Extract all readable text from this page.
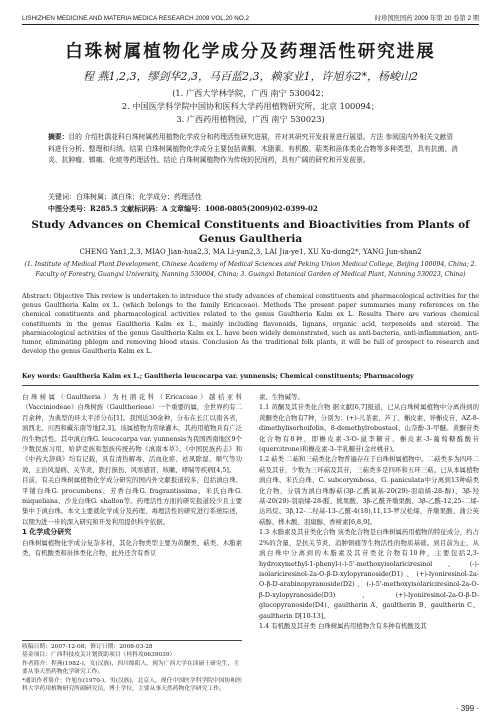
LISHIZHEN MEDICINE AND MATERIA MEDICA RESEARCH 2009 VOL.20 NO.2	时珍国医国药 2009 年第 20 卷第 2 期
白珠树属植物化学成分及药理活性研究进展
程 燕1,2,3，缪剑华2,3，马百蓝2,3，赖家业1，许旭东2*，杨峻山2
(1. 广西大学林学院，广西 南宁 530042；
2. 中国医学科学院中国协和医科大学药用植物研究所，北京 100094；
3. 广西药用植物园，广西 南宁 530023)
摘要：目的 介绍杜鹃花科白珠树属药用植物化学成分和药理活性研究进展，并对其研究开发前景进行展望。方法 参阅国内外相关文献资料进行分析、整理和归纳。结果 白珠树属植物化学成分主要包括黄酮、木脂素、有机酸、萜类和甾体类化合物等多种类型，具有抗菌、消炎、抗肿瘤、镇痛、化痰等药理活性。结论 白珠树属植物作为传统的民间药，具有广阔的研究和开发前景。
关键词：白珠树属；滇白珠；化学成分；药理活性
中图分类号：R285.5 文献标识码：A 文章编号：1008-0805(2009)02-0399-02
Study Advances on Chemical Constituents and Bioactivities from Plants of Genus Gaultheria
CHENG Yan1,2,3, MIAO Jian-hua2,3, MA Li-yan2,3, LAI Jia-ye1, XU Xu-dong2*, YANG Jun-shan2
(1. Institute of Medical Plant Development, Chinese Academy of Medical Sciences and Peking Union Medical College, Beijing 100094, China; 2. Faculty of Forestry, Guangxi University, Nanning 530004, China; 3. Guangxi Botanical Garden of Medical Plant, Nanning 530023, China)
Abstract: Objective This review is undertaken to introduce the study advances of chemical constituents and pharmacological activities for the genus Gaultheria Kalm ex L. (which belongs to the family Ericaceae). Methods The present paper summaries many references on the chemical constituents and pharmacological activities related to the genus Gaultheria Kalm ex L. Results There are various chemical constituents in the genus Gaultheria Kalm ex L., mainly including flavonoids, lignans, organic acid, terpenoids and steroid. The pharmacological activities of the genus Gaultheria Kalm ex L. have been widely demonstrated, such as anti-bacteria, anti-inflammation, anti-tumor, eliminating phlegm and removing blood stasis. Conclusion As the traditional folk plants, it will be full of prospect to research and develop the genus Gaultheria Kalm ex L.
Key words: Gaultheria Kalm ex L.; Gaultheria leucocarpa var. yunnensis; Chemical constituents; Pharmacology

白珠树属（Gaultheria）为杜鹃花科（Ericaceae）越桔亚科（Vacciniodeae）白珠树族（Gaultherieae）一个重要的属，全世界约有二百余种，为典型的环太平洋分布[1]。我国近30余种，分布在长江以南各省，滇西北、川西和藏东南等地[2,3]。该属植物为常绿灌木，其药用植物具有广泛的生物活性。其中滇白珠G. leucocarpa var. yunnensis为我国西南地区9个少数民族习用，哈萨克族和怒族传统药物《滇南本草》、《中国民族药志》和《中药大辞典》均有记载，具有清热解毒、活血化瘀、祛风除湿、顺气等功效，主治风湿病、关节炎、跌打损伤、风寒感冒、咳嗽、哮喘等疾病[4,5]。

目前，有关白珠树属植物化学成分研究的国内外文献报道较多，包括滇白珠、平铺白珠G. procumbens、芳香白珠G. fragrantissima、米氏白珠G. miqueliana、沙龙白珠G. shallon等。药理活性方面的研究报道较少且主要集中于滇白珠。本文主要就化学成分及药理、毒理活性的研究进行系统综述，以期为进一步的深入研究和开发利用提供科学依据。

1 化学成分研究

白珠树属植物化学成分复杂多样，其化合物类型主要为黄酮类、萜类、木脂素类、有机酸类和甾体类化合物，此外还含有香豆

素、生物碱等。

1.1 黄酮及其苷类化合物 据文献[6,7]报道，已从白珠树属植物中分离得到的黄酮类化合物有7种，分别为：(+)-儿茶素、芦丁、槲皮素、异槲皮苷、AZ-8-dimethylisorhoifolin、8-demethylrobustaol、山奈酚-3-甲醚。黄酮苷类化合物有8种，即槲皮素-3-O-鼠李糖苷、槲皮素-3-葡萄糖醛酸苷(quercitrone)和槲皮素-3-半乳糖苷(金丝桃苷)。

1.2 萜类 二萜和三萜类化合物普遍存在于白珠树属植物中。二萜类多为四环二萜及其苷，少数为三环萜及其苷，三萜类多是四环和五环三萜。已从本属植物滇白珠、米氏白珠、C. subcorymbosa、G. paniculata中分离到13种萜类化合物，分别为滇白珠醇萜(3β-乙酰氧基-20(29)-羽扇烯-28-醇)、3β-羟基-20(29)-羽扇烯-28-醛、熊果酸、3β-乙酰齐墩果酸、3β-乙酰-12,25-二烯-达玛烷、3β,12-二羟基-13-乙酰-4(18),11,13-罗汉松烯、齐墩果酸、蒲公英萜醇、桦木酸、羽扇醇、香树素[6,8,9]。

1.3 木脂素及其苷类化合物 该类化合物是白珠树属药用植物的特征成分，约占2%的含量，是抗关节炎、消肿镇痛等生物活性的物质基础。到目前为止，从滇白珠中分离到的木脂素及其苷类化合物有10种，主要包括2,3-hydroxymethyl-1-phenyl-(-)-5'-methoxyisolariciresinol、(-)-isolariciresinol-2a-O-β-D-xylopyranoside(D1)、(+)-lyoniresinol-2a-O-β-D-arabinopyranoside(D2)、(-)-5'-methoxyisolariciresinol-2a-O-β-D-xylopyranoside(D3)、(+)-lyoniresinol-2a-O-β-D-glucopyranoside(D4)、gaultherin A、gaultherin B、gaultherin C、gaultherin D[10-13]。

1.4 有机酸及其苷类 白珠树属药用植物含有多种有机酸及其

收稿日期：2007-12-08；修订日期：2008-03-28
基金项目：广西科技攻关计划资助项目（桂科攻0639039）
作者简介：程燕(1982-)，女(汉族)，四川绵阳人，现为广西大学在读硕士研究生，主要从事天然药物化学研究工作。
*通讯作者简介：许旭东(1970-)，男(汉族)，北京人，现任中国医学科学院中国协和医科大学药用植物研究所副研究员，博士学位，主要从事天然药物化学研究工作。
· 399 ·
